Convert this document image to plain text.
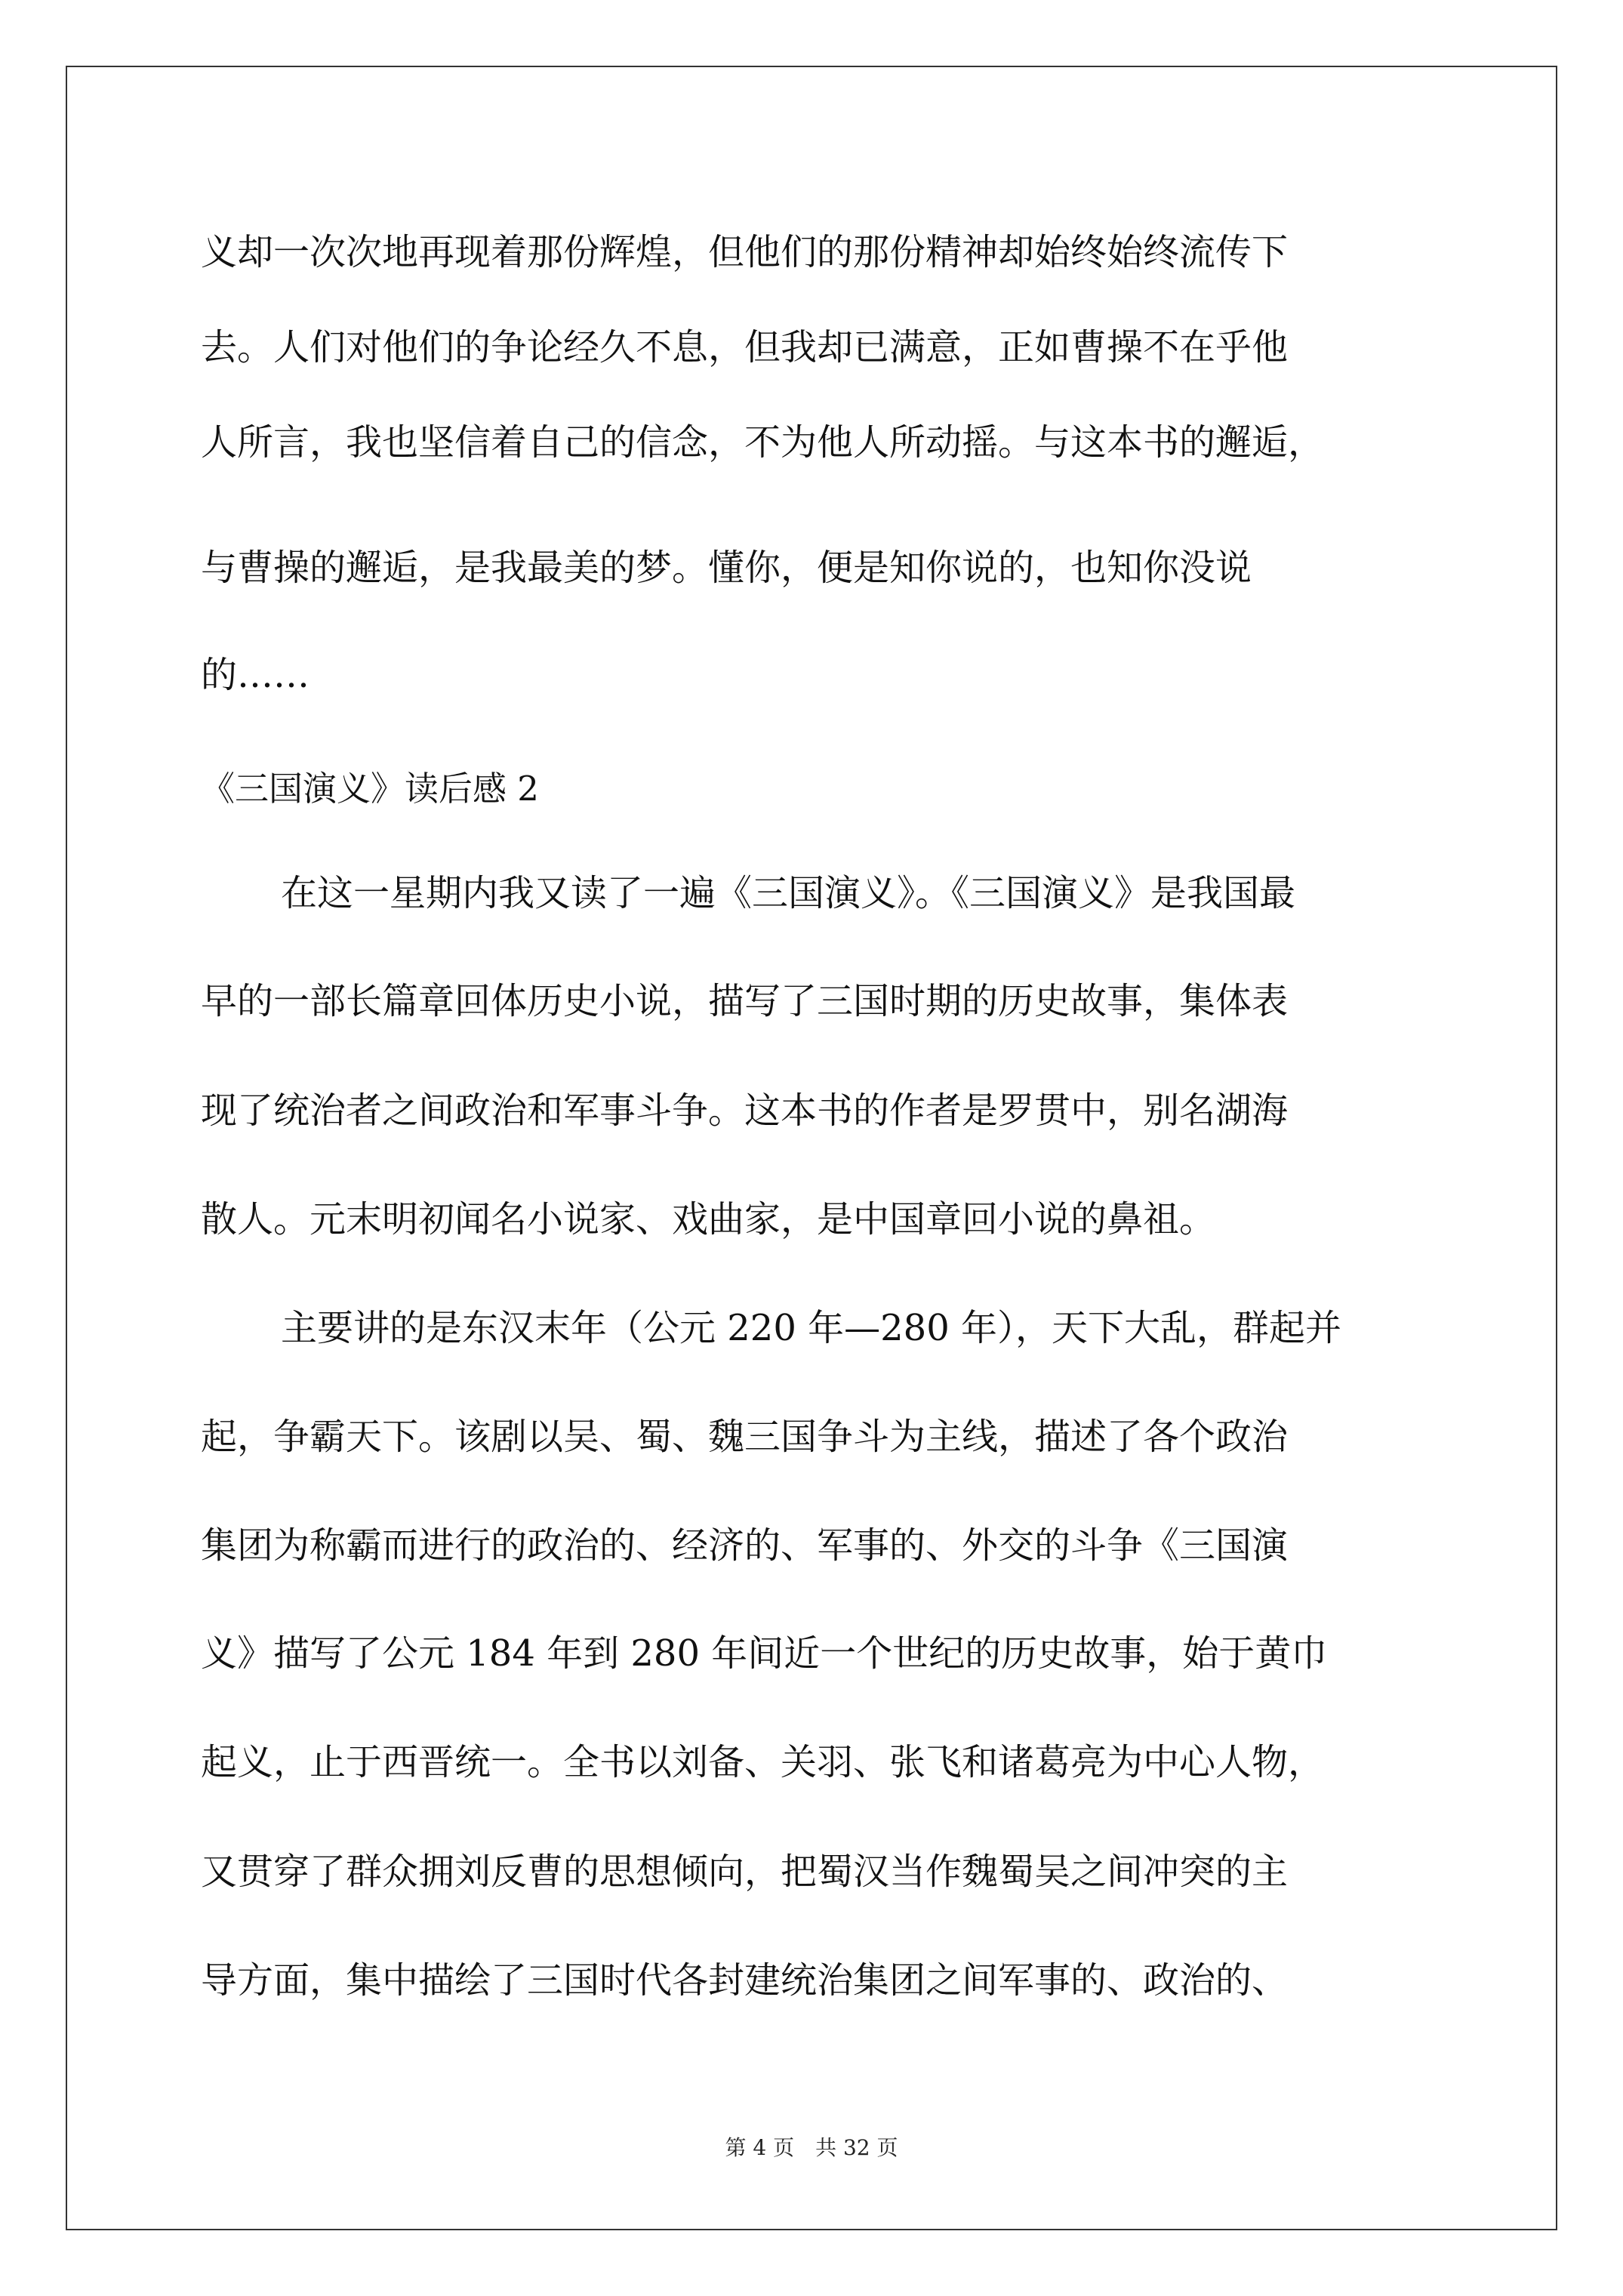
义却一次次地再现着那份辉煌，但他们的那份精神却始终始终流传下

去。人们对他们的争论经久不息，但我却已满意，正如曹操不在乎他

人所言，我也坚信着自己的信念，不为他人所动摇。与这本书的邂逅，

与曹操的邂逅，是我最美的梦。懂你，便是知你说的，也知你没说

的……

《三国演义》读后感 2

在这一星期内我又读了一遍《三国演义》。《三国演义》是我国最

早的一部长篇章回体历史小说，描写了三国时期的历史故事，集体表

现了统治者之间政治和军事斗争。这本书的作者是罗贯中，别名湖海

散人。元末明初闻名小说家、戏曲家，是中国章回小说的鼻祖。

主要讲的是东汉末年（公元 220 年—280 年），天下大乱，群起并

起，争霸天下。该剧以吴、蜀、魏三国争斗为主线，描述了各个政治

集团为称霸而进行的政治的、经济的、军事的、外交的斗争《三国演

义》描写了公元 184 年到 280 年间近一个世纪的历史故事，始于黄巾

起义，止于西晋统一。全书以刘备、关羽、张飞和诸葛亮为中心人物，

又贯穿了群众拥刘反曹的思想倾向，把蜀汉当作魏蜀吴之间冲突的主

导方面，集中描绘了三国时代各封建统治集团之间军事的、政治的、

第 4 页 共 32 页
